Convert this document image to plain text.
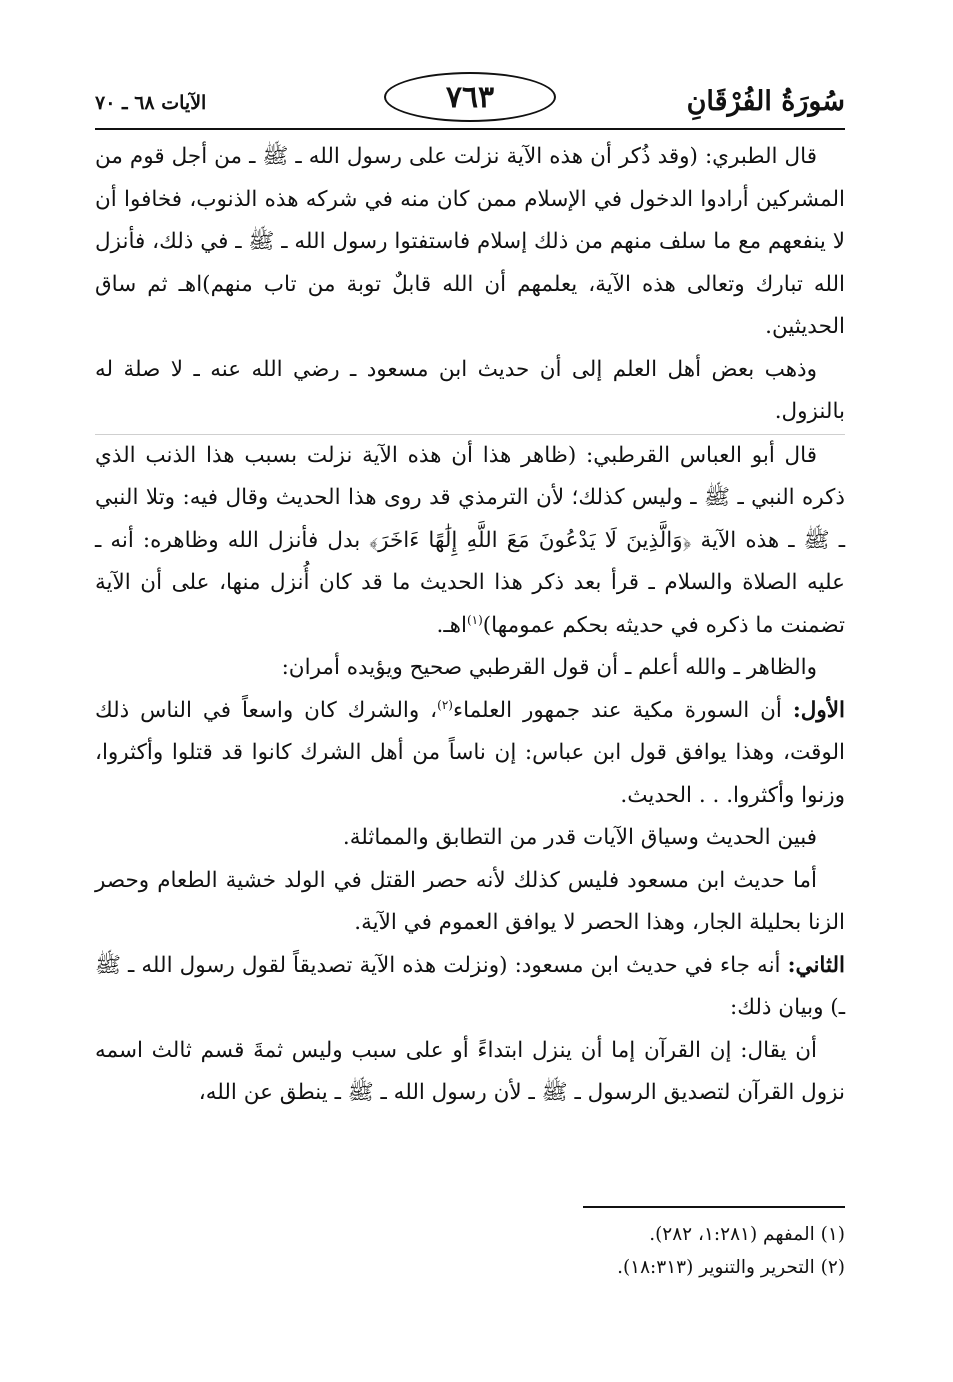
سُورَةُ الفُرْقَانِ
٧٦٣
الآيات ٦٨ ـ ٧٠

قال الطبري: (وقد ذُكر أن هذه الآية نزلت على رسول الله ـ ﷺ ـ من أجل قوم من المشركين أرادوا الدخول في الإسلام ممن كان منه في شركه هذه الذنوب، فخافوا أن لا ينفعهم مع ما سلف منهم من ذلك إسلام فاستفتوا رسول الله ـ ﷺ ـ في ذلك، فأنزل الله تبارك وتعالى هذه الآية، يعلمهم أن الله قابلٌ توبة من تاب منهم)اهـ ثم ساق الحديثين.

وذهب بعض أهل العلم إلى أن حديث ابن مسعود ـ رضي الله عنه ـ لا صلة له بالنزول.

قال أبو العباس القرطبي: (ظاهر هذا أن هذه الآية نزلت بسبب هذا الذنب الذي ذكره النبي ـ ﷺ ـ وليس كذلك؛ لأن الترمذي قد روى هذا الحديث وقال فيه: وتلا النبي ـ ﷺ ـ هذه الآية ﴿وَالَّذِينَ لَا يَدْعُونَ مَعَ اللَّهِ إِلَٰهًا ءَاخَرَ﴾ بدل فأنزل الله وظاهره: أنه ـ عليه الصلاة والسلام ـ قرأ بعد ذكر هذا الحديث ما قد كان أُنزل منها، على أن الآية تضمنت ما ذكره في حديثه بحكم عمومها)$^{(١)}$اهـ.

والظاهر ـ والله أعلم ـ أن قول القرطبي صحيح ويؤيده أمران:

الأول: أن السورة مكية عند جمهور العلماء$^{(٢)}$، والشرك كان واسعاً في الناس ذلك الوقت، وهذا يوافق قول ابن عباس: إن ناساً من أهل الشرك كانوا قد قتلوا وأكثروا، وزنوا وأكثروا. . . الحديث.

فبين الحديث وسياق الآيات قدر من التطابق والمماثلة.

أما حديث ابن مسعود فليس كذلك لأنه حصر القتل في الولد خشية الطعام وحصر الزنا بحليلة الجار، وهذا الحصر لا يوافق العموم في الآية.

الثاني: أنه جاء في حديث ابن مسعود: (ونزلت هذه الآية تصديقاً لقول رسول الله ـ ﷺ ـ) وبيان ذلك:

أن يقال: إن القرآن إما أن ينزل ابتداءً أو على سبب وليس ثمةَ قسم ثالث اسمه نزول القرآن لتصديق الرسول ـ ﷺ ـ لأن رسول الله ـ ﷺ ـ ينطق عن الله،

(١) المفهم (١:٢٨١، ٢٨٢).

(٢) التحرير والتنوير (١٨:٣١٣).
